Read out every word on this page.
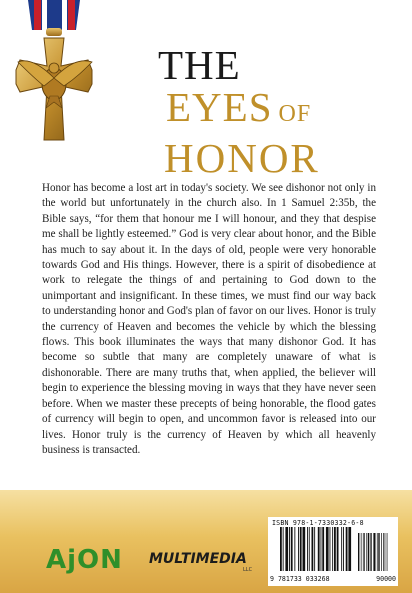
THE
EYES OF
HONOR

Honor has become a lost art in today's society. We see dishonor not only in the world but unfortunately in the church also. In 1 Samuel 2:35b, the Bible says, “for them that honour me I will honour, and they that despise me shall be lightly esteemed.” God is very clear about honor, and the Bible has much to say about it. In the days of old, people were very honorable towards God and His things. However, there is a spirit of disobedience at work to relegate the things of and pertaining to God down to the unimportant and insignificant. In these times, we must find our way back to understanding honor and God's plan of favor on our lives. Honor is truly the currency of Heaven and becomes the vehicle by which the blessing flows. This book illuminates the ways that many dishonor God. It has become so subtle that many are completely unaware of what is dishonorable. There are many truths that, when applied, the believer will begin to experience the blessing moving in ways that they have never seen before. When we master these precepts of being honorable, the flood gates of currency will begin to open, and uncommon favor is released into our lives. Honor truly is the currency of Heaven by which all heavenly business is transacted.

AjON MULTIMEDIA
LLC
ISBN 978-1-7330332-6-8
9 781733 033268	90000
